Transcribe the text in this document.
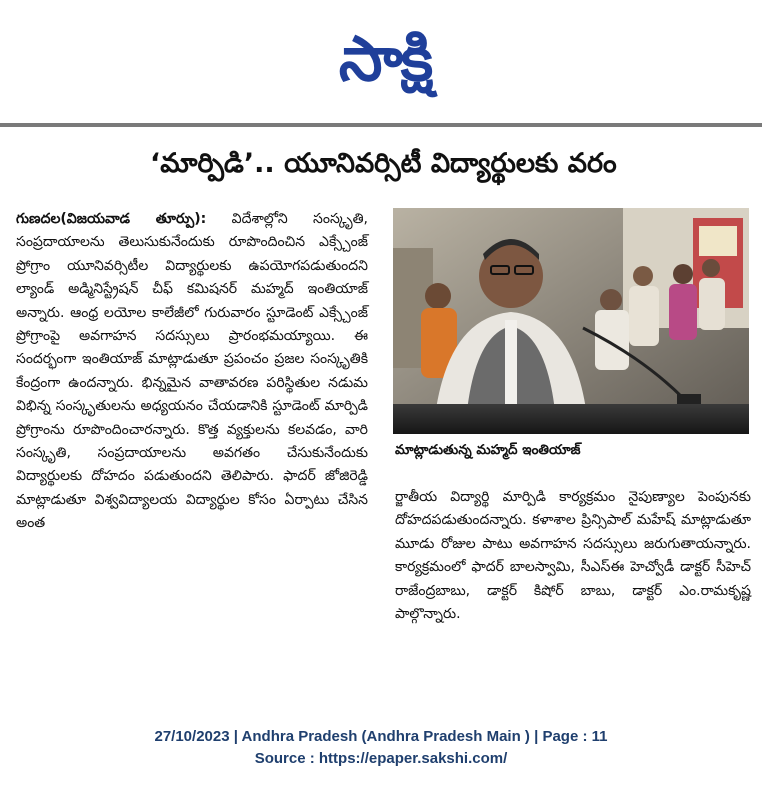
సాక్షి
‘మార్పిడి’.. యూనివర్సిటీ విద్యార్థులకు వరం

గుణదల(విజయవాడ తూర్పు): విదేశాల్లోని సంస్కృతి, సంప్రదాయాలను తెలుసుకునేందుకు రూపొందించిన ఎక్స్చేంజ్ ప్రోగ్రాం యూనివర్సిటీల విద్యార్థులకు ఉపయోగపడుతుందని ల్యాండ్ అడ్మినిస్ట్రేషన్ చీఫ్ కమిషనర్ మహ్మద్ ఇంతియాజ్ అన్నారు. ఆంధ్ర లయోల కాలేజీలో గురువారం స్టూడెంట్ ఎక్స్చేంజ్ ప్రోగ్రాంపై అవగాహన సదస్సులు ప్రారంభమయ్యాయి. ఈ సందర్భంగా ఇంతియాజ్ మాట్లాడుతూ ప్రపంచం ప్రజల సంస్కృతికి కేంద్రంగా ఉందన్నారు. భిన్నమైన వాతావరణ పరిస్థితుల నడుమ విభిన్న సంస్కృతులను అధ్యయనం చేయడానికి స్టూడెంట్ మార్పిడి ప్రోగ్రాంను రూపొందించారన్నారు. కొత్త వ్యక్తులను కలవడం, వారి సంస్కృతి, సంప్రదాయాలను అవగతం చేసుకునేందుకు విద్యార్థులకు దోహదం పడుతుందని తెలిపారు. ఫాదర్ జోజిరెడ్డి మాట్లాడుతూ విశ్వవిద్యాలయ విద్యార్థుల కోసం ఏర్పాటు చేసిన అంత

మాట్లాడుతున్న మహ్మద్ ఇంతియాజ్

ర్జాతీయ విద్యార్థి మార్పిడి కార్యక్రమం నైపుణ్యాల పెంపునకు దోహదపడుతుందన్నారు. కళాశాల ప్రిన్సిపాల్ మహేష్ మాట్లాడుతూ మూడు రోజుల పాటు అవగాహన సదస్సులు జరుగుతాయన్నారు. కార్యక్రమంలో ఫాదర్ బాలస్వామి, సీఎస్ఈ హెచ్వోడీ డాక్టర్ సీహెచ్ రాజేంద్రబాబు, డాక్టర్ కిషోర్ బాబు, డాక్టర్ ఎం.రామకృష్ణ పాల్గొన్నారు.

27/10/2023 | Andhra Pradesh (Andhra Pradesh Main ) | Page : 11
Source : https://epaper.sakshi.com/
